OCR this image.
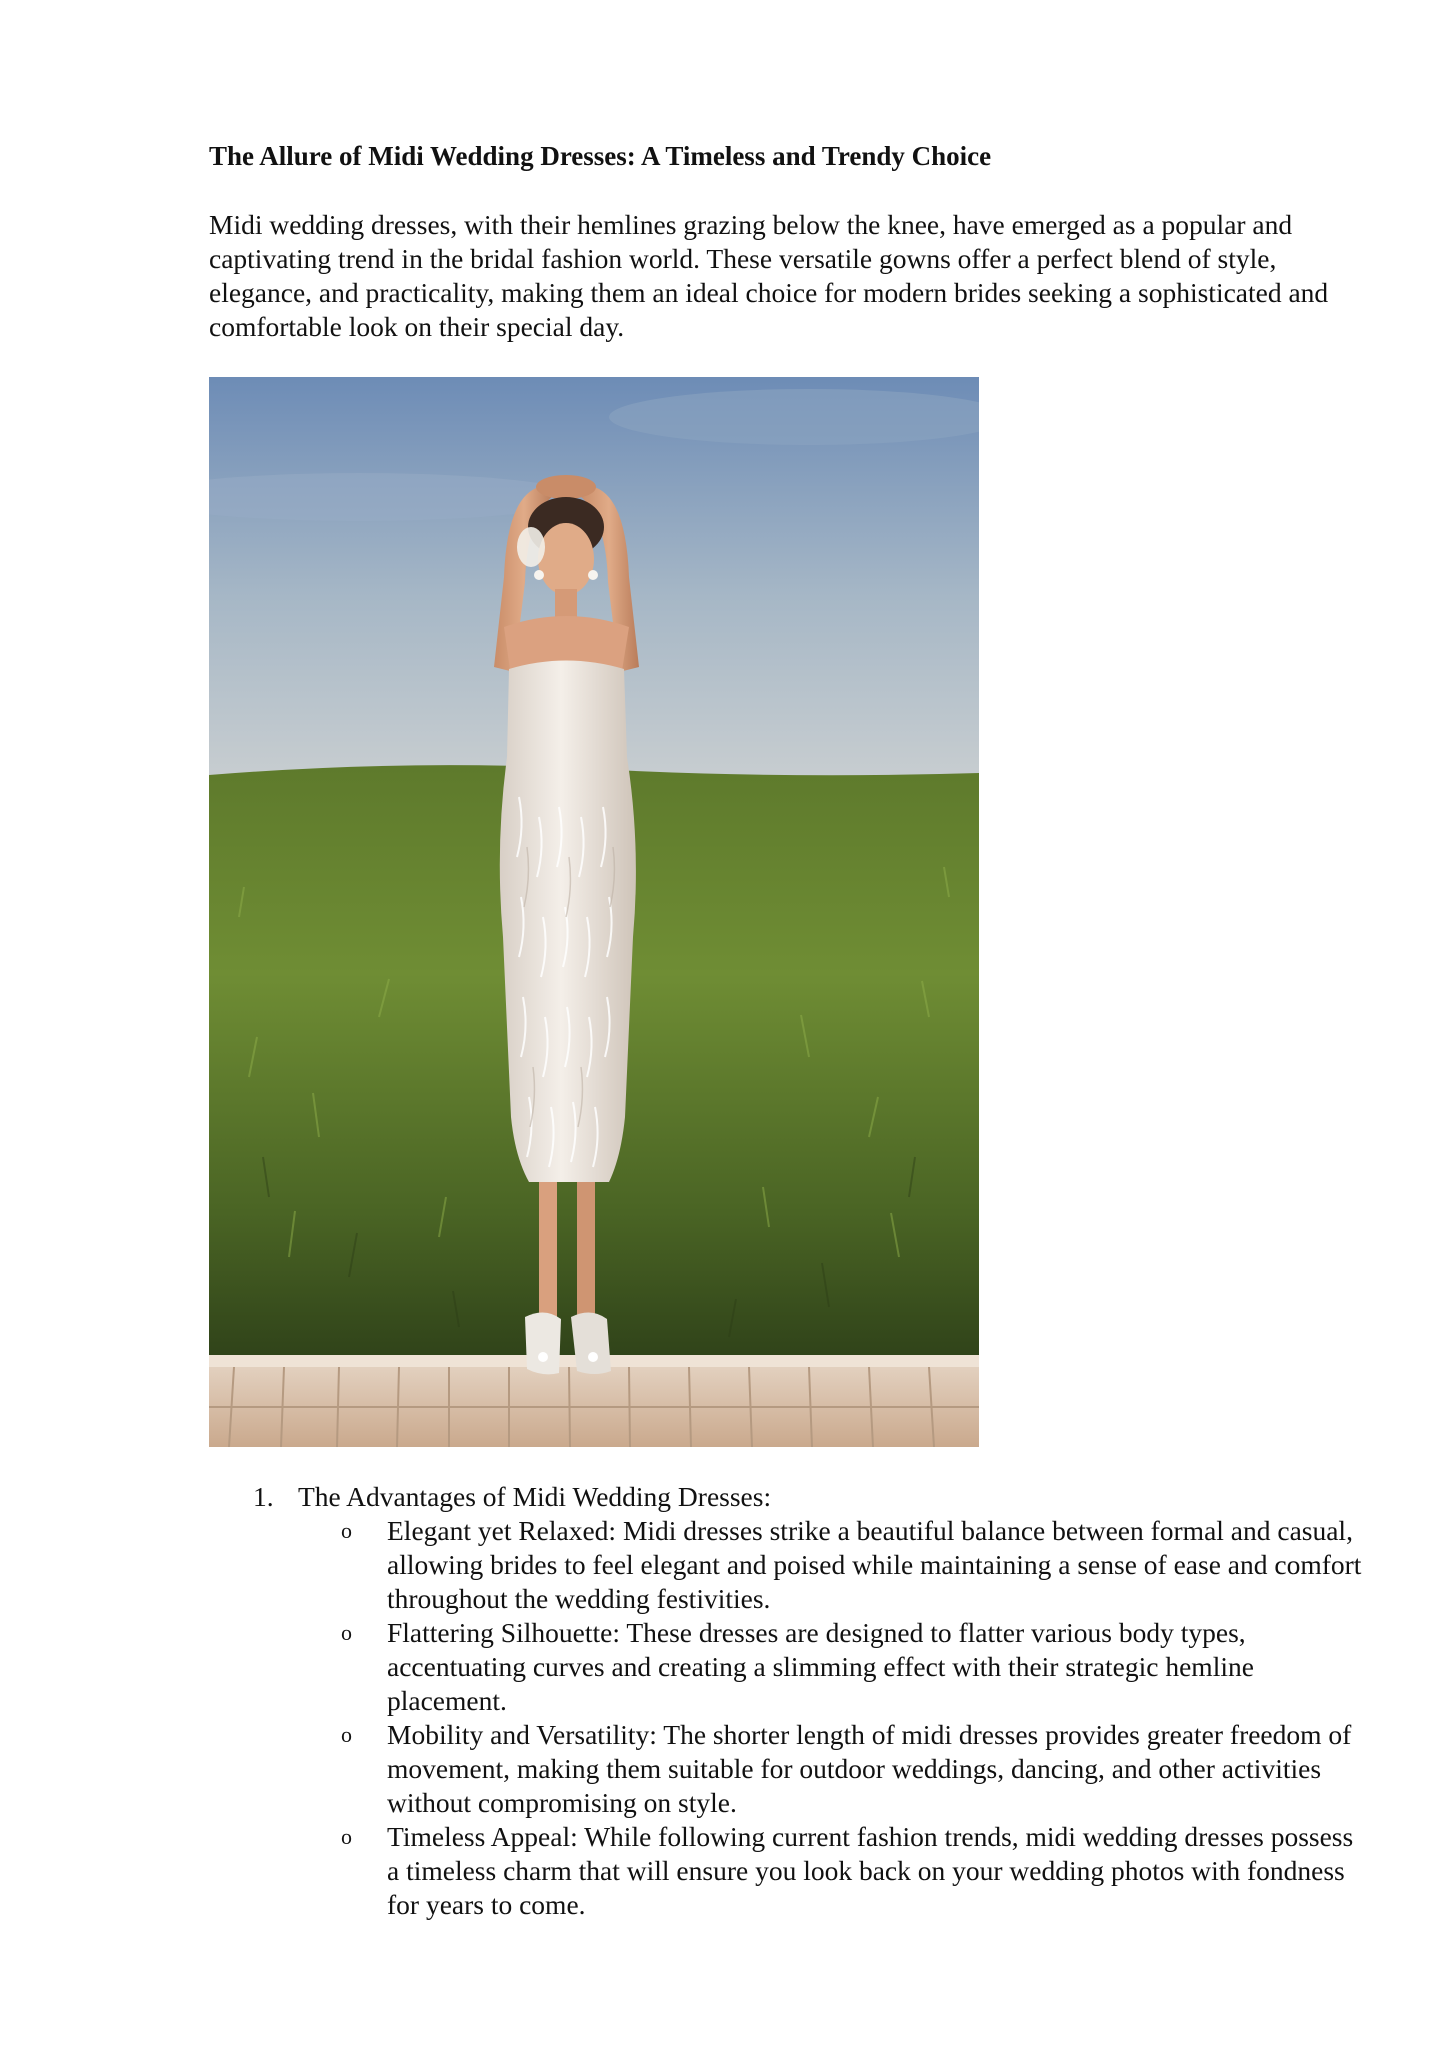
The Allure of Midi Wedding Dresses: A Timeless and Trendy Choice

Midi wedding dresses, with their hemlines grazing below the knee, have emerged as a popular and captivating trend in the bridal fashion world. These versatile gowns offer a perfect blend of style, elegance, and practicality, making them an ideal choice for modern brides seeking a sophisticated and comfortable look on their special day.

1. The Advantages of Midi Wedding Dresses:

o Elegant yet Relaxed: Midi dresses strike a beautiful balance between formal and casual, allowing brides to feel elegant and poised while maintaining a sense of ease and comfort throughout the wedding festivities.
o Flattering Silhouette: These dresses are designed to flatter various body types, accentuating curves and creating a slimming effect with their strategic hemline placement.
o Mobility and Versatility: The shorter length of midi dresses provides greater freedom of movement, making them suitable for outdoor weddings, dancing, and other activities without compromising on style.
o Timeless Appeal: While following current fashion trends, midi wedding dresses possess a timeless charm that will ensure you look back on your wedding photos with fondness for years to come.
